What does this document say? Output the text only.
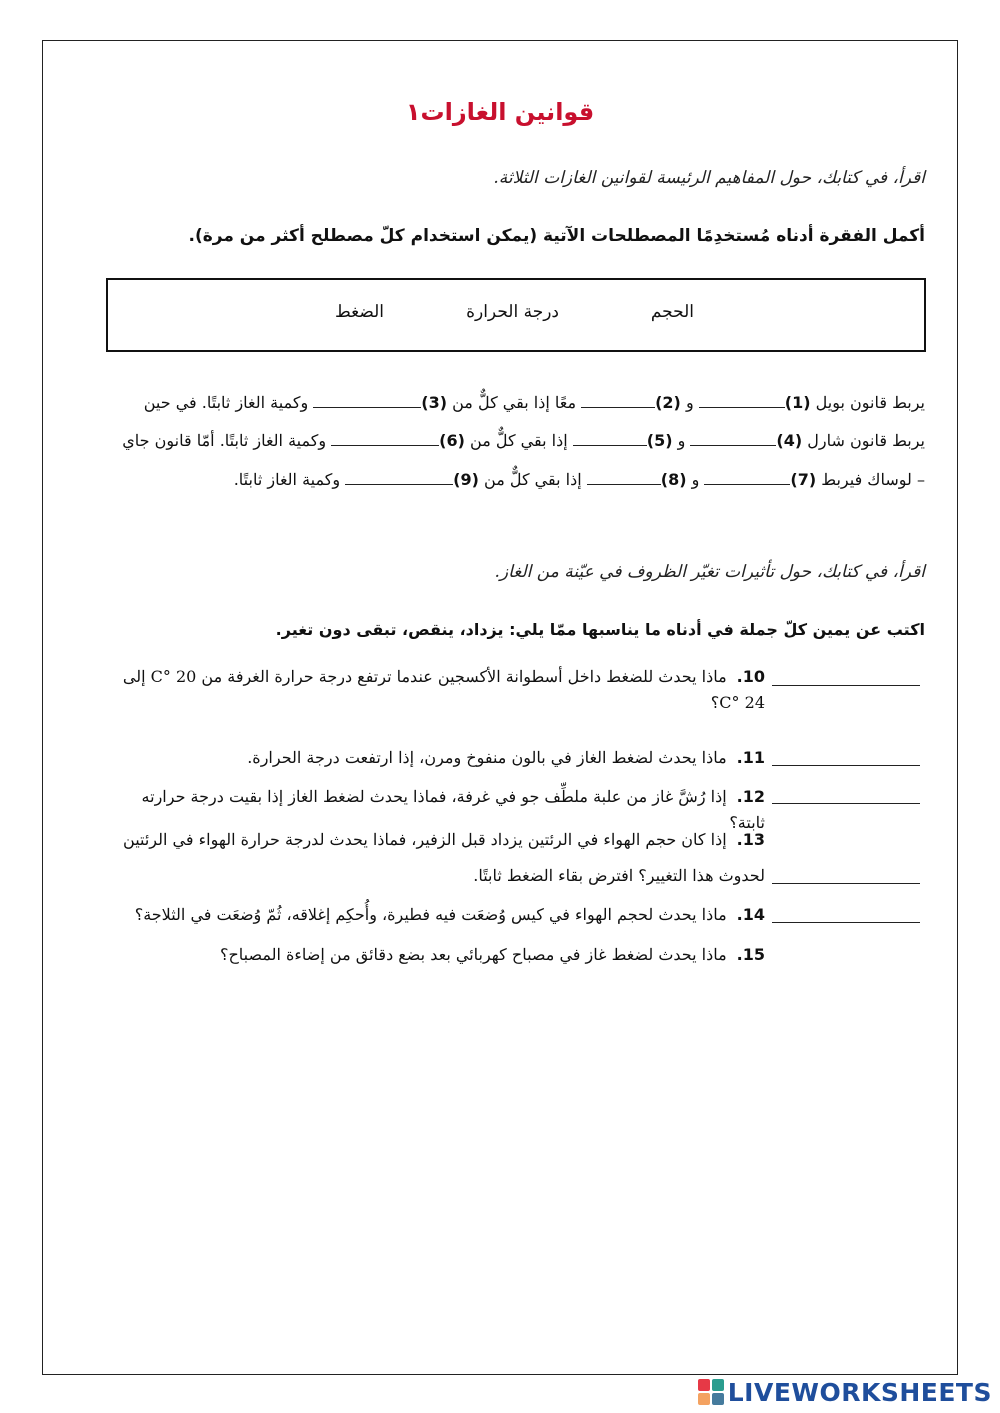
قوانين الغازات١
اقرأ، في كتابك، حول المفاهيم الرئيسة لقوانين الغازات الثلاثة.
أكمل الفقرة أدناه مُستخدِمًا المصطلحات الآتية (يمكن استخدام كلّ مصطلح أكثر من مرة).
الحجم
درجة الحرارة
الضغط
يربط قانون بويل (1) و (2) معًا إذا بقي كلٌّ من (3) وكمية الغاز ثابتًا. في حين
يربط قانون شارل (4) و (5) إذا بقي كلٌّ من (6) وكمية الغاز ثابتًا. أمّا قانون جاي
– لوساك فيربط (7) و (8) إذا بقي كلٌّ من (9) وكمية الغاز ثابتًا.
اقرأ، في كتابك، حول تأثيرات تغيّر الظروف في عيّنة من الغاز.
اكتب عن يمين كلّ جملة في أدناه ما يناسبها ممّا يلي: يزداد، ينقص، تبقى دون تغير.
10.ماذا يحدث للضغط داخل أسطوانة الأكسجين عندما ترتفع درجة حرارة الغرفة من 20 °C إلى 24 °C؟
11.ماذا يحدث لضغط الغاز في بالون منفوخ ومرن، إذا ارتفعت درجة الحرارة.
12.إذا رُشَّ غاز من علبة ملطِّف جو في غرفة، فماذا يحدث لضغط الغاز إذا بقيت درجة حرارته ثابتة؟
13.إذا كان حجم الهواء في الرئتين يزداد قبل الزفير، فماذا يحدث لدرجة حرارة الهواء في الرئتين لحدوث هذا التغيير؟ افترض بقاء الضغط ثابتًا.
14.ماذا يحدث لحجم الهواء في كيس وُضعَت فيه فطيرة، وأُحكِم إغلاقه، ثُمّ وُضعَت في الثلاجة؟
15.ماذا يحدث لضغط غاز في مصباح كهربائي بعد بضع دقائق من إضاءة المصباح؟
LIVEWORKSHEETS
